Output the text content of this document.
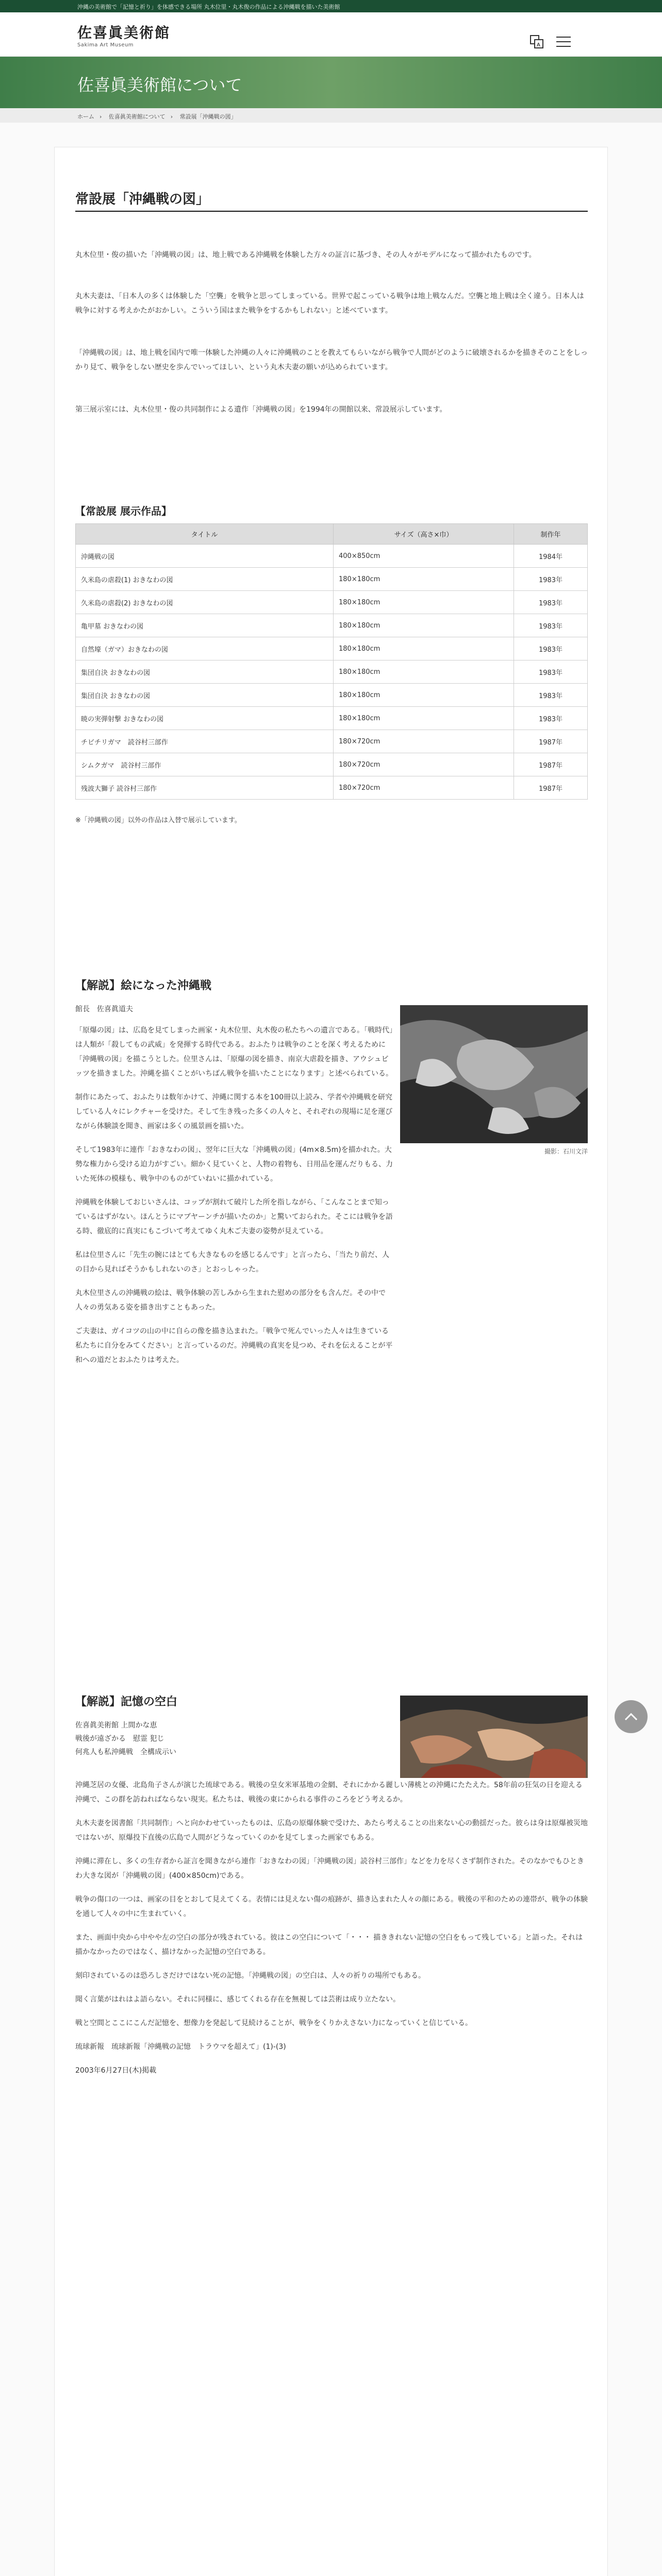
沖縄の美術館で「記憶と祈り」を体感できる場所 丸木位里・丸木俊の作品による沖縄戦を描いた美術館
佐喜眞美術館
Sakima Art Museum	A
佐喜眞美術館について
ホーム › 佐喜眞美術館について › 常設展「沖縄戦の図」
常設展「沖縄戦の図」

丸木位里・俊の描いた「沖縄戦の図」は、地上戦である沖縄戦を体験した方々の証言に基づき、その人々がモデルになって描かれたものです。

丸木夫妻は、「日本人の多くは体験した「空襲」を戦争と思ってしまっている。世界で起こっている戦争は地上戦なんだ。空襲と地上戦は全く違う。日本人は戦争に対する考えかたがおかしい。こういう国はまた戦争をするかもしれない」と述べています。

「沖縄戦の図」は、地上戦を国内で唯一体験した沖縄の人々に沖縄戦のことを教えてもらいながら戦争で人間がどのように破壊されるかを描きそのことをしっかり見て、戦争をしない歴史を歩んでいってほしい、という丸木夫妻の願いが込められています。

第三展示室には、丸木位里・俊の共同制作による遺作「沖縄戦の図」を1994年の開館以来、常設展示しています。

【常設展 展示作品】
タイトル	サイズ（高さ×巾）	制作年
沖縄戦の図	400×850cm	1984年
久米島の虐殺(1) おきなわの図	180×180cm	1983年
久米島の虐殺(2) おきなわの図	180×180cm	1983年
亀甲墓 おきなわの図	180×180cm	1983年
自然壕（ガマ）おきなわの図	180×180cm	1983年
集団自決 おきなわの図	180×180cm	1983年
集団自決 おきなわの図	180×180cm	1983年
暁の実弾射撃 おきなわの図	180×180cm	1983年
チビチリガマ　読谷村三部作	180×720cm	1987年
シムクガマ　読谷村三部作	180×720cm	1987年
残波大獅子 読谷村三部作	180×720cm	1987年
※「沖縄戦の図」以外の作品は入替で展示しています。
【解説】絵になった沖縄戦
館長　佐喜眞道夫

「原爆の図」は、広島を見てしまった画家・丸木位里、丸木俊の私たちへの遺言である。「戦時代」は人類が「殺してもの武威」を発揮する時代である。おふたりは戦争のことを深く考えるために「沖縄戦の図」を描こうとした。位里さんは、「原爆の図を描き、南京大虐殺を描き、アウシュビッツを描きました。沖縄を描くことがいちばん戦争を描いたことになります」と述べられている。

制作にあたって、おふたりは数年かけて、沖縄に関する本を100冊以上読み、学者や沖縄戦を研究している人々にレクチャーを受けた。そして生き残った多くの人々と、それぞれの現場に足を運びながら体験談を聞き、画家は多くの風景画を描いた。

そして1983年に連作「おきなわの図」、翌年に巨大な「沖縄戦の図」(4m×8.5m)を描かれた。大勢な権力から受ける迫力がすごい。細かく見ていくと、人物の着物も、日用品を運んだりもる、力いた死体の模様も、戦争中のものがていねいに描かれている。

沖縄戦を体験しておじいさんは、コップが割れて破片した所を指しながら、「こんなことまで知っているはずがない。ほんとうにマブヤーンチが描いたのか」と驚いておられた。そこには戦争を語る時、徹底的に真実にもこづいて考えてゆく丸木ご夫妻の姿勢が見えている。

私は位里さんに「先生の腕にはとても大きなものを感じるんです」と言ったら、「当たり前だ、人の目から見ればそうかもしれないのさ」とおっしゃった。

丸木位里さんの沖縄戦の絵は、戦争体験の苦しみから生まれた慰めの部分をも含んだ。その中で人々の勇気ある姿を描き出すこともあった。

ご夫妻は、ガイコツの山の中に自らの像を描き込まれた。「戦争で死んでいった人々は生きている私たちに自分をみてください」と言っているのだ。沖縄戦の真実を見つめ、それを伝えることが平和への道だとおふたりは考えた。

撮影：石川文洋
【解説】記憶の空白
佐喜眞美術館 上間かな恵
戦後が遠ざかる　慰霊 犯じ
何兆人も私沖縄戦　全構成示い

沖縄芝居の女優、北島角子さんが演じた琉球である。戦後の皇女米軍基地の金網、それにかかる麗しい薄桃との沖縄にたたえた。58年前の狂気の日を迎える沖縄で、この群を訪ねればならない現実。私たちは、戦後の東にかられる事件のころをどう考えるか。

丸木夫妻を図書館「共同制作」へと向かわせていったものは、広島の原爆体験で受けた、あたら考えることの出来ない心の動揺だった。彼らは身は原爆被災地ではないが、原爆投下直後の広島で人間がどうなっていくのかを見てしまった画家でもある。

沖縄に滞在し、多くの生存者から証言を聞きながら連作「おきなわの図」「沖縄戦の図」読谷村三部作」などを力を尽くさず制作された。そのなかでもひときわ大きな図が「沖縄戦の図」(400×850cm)である。

戦争の傷口の一つは、画家の目をとおして見えてくる。表情には見えない傷の痕跡が、描き込まれた人々の顔にある。戦後の平和のための連帯が、戦争の体験を通して人々の中に生まれていく。

また、画面中央から中やや左の空白の部分が残されている。彼はこの空白について「・・・ 描ききれない記憶の空白をもって残している」と語った。それは描かなかったのではなく、描けなかった記憶の空白である。

刻印されているのは恐ろしさだけではない死の記憶。「沖縄戦の図」の空白は、人々の祈りの場所でもある。

聞く言葉がはれはよ語らない。それに同様に、感じてくれる存在を無視しては芸術は成り立たない。

戦と空間とここにこんだ記憶を、想像力を発起して見続けることが、戦争をくりかえさない力になっていくと信じている。

琉球新報　琉球新報「沖縄戦の記憶　トラウマを超えて」(1)-(3)

2003年6月27日(木)掲載
